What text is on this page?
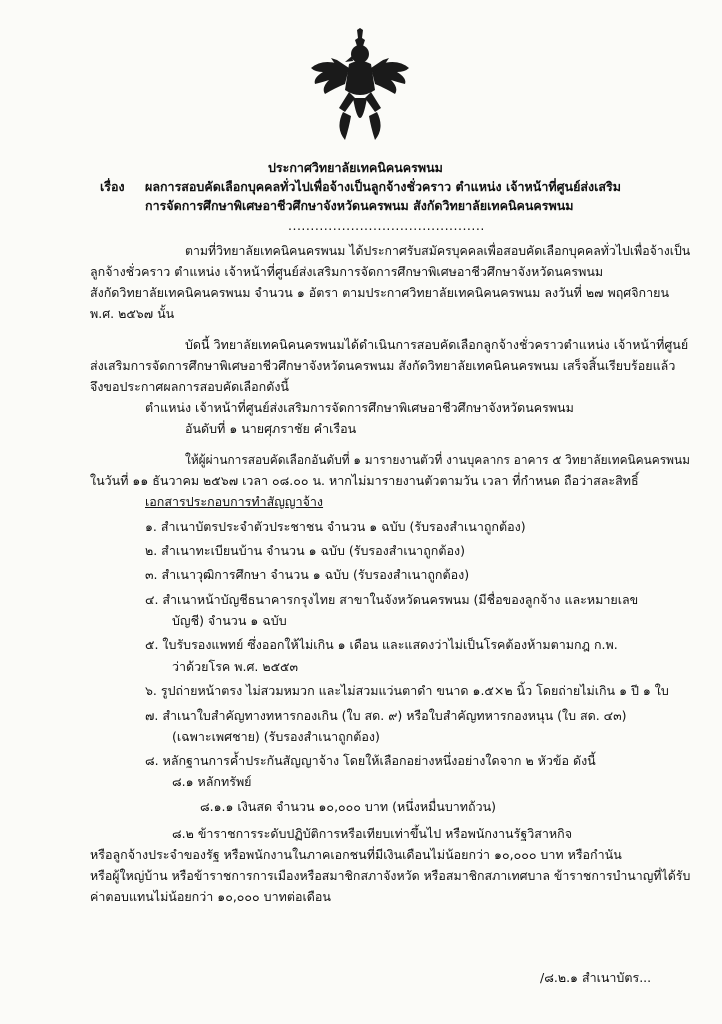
ประกาศวิทยาลัยเทคนิคนครพนม
เรื่อง ผลการสอบคัดเลือกบุคคลทั่วไปเพื่อจ้างเป็นลูกจ้างชั่วคราว ตำแหน่ง เจ้าหน้าที่ศูนย์ส่งเสริม
การจัดการศึกษาพิเศษอาชีวศึกษาจังหวัดนครพนม สังกัดวิทยาลัยเทคนิคนครพนม
............................................
ตามที่วิทยาลัยเทคนิคนครพนม ได้ประกาศรับสมัครบุคคลเพื่อสอบคัดเลือกบุคคลทั่วไปเพื่อจ้างเป็น
ลูกจ้างชั่วคราว ตำแหน่ง เจ้าหน้าที่ศูนย์ส่งเสริมการจัดการศึกษาพิเศษอาชีวศึกษาจังหวัดนครพนม
สังกัดวิทยาลัยเทคนิคนครพนม จำนวน ๑ อัตรา ตามประกาศวิทยาลัยเทคนิคนครพนม ลงวันที่ ๒๗ พฤศจิกายน
พ.ศ. ๒๕๖๗ นั้น
บัดนี้ วิทยาลัยเทคนิคนครพนมได้ดำเนินการสอบคัดเลือกลูกจ้างชั่วคราวตำแหน่ง เจ้าหน้าที่ศูนย์
ส่งเสริมการจัดการศึกษาพิเศษอาชีวศึกษาจังหวัดนครพนม สังกัดวิทยาลัยเทคนิคนครพนม เสร็จสิ้นเรียบร้อยแล้ว
จึงขอประกาศผลการสอบคัดเลือกดังนี้
ตำแหน่ง เจ้าหน้าที่ศูนย์ส่งเสริมการจัดการศึกษาพิเศษอาชีวศึกษาจังหวัดนครพนม
อันดับที่ ๑ นายศุภราชัย คำเรือน
ให้ผู้ผ่านการสอบคัดเลือกอันดับที่ ๑ มารายงานตัวที่ งานบุคลากร อาคาร ๕ วิทยาลัยเทคนิคนครพนม
ในวันที่ ๑๑ ธันวาคม ๒๕๖๗ เวลา ๐๘.๐๐ น. หากไม่มารายงานตัวตามวัน เวลา ที่กำหนด ถือว่าสละสิทธิ์
เอกสารประกอบการทำสัญญาจ้าง
๑. สำเนาบัตรประจำตัวประชาชน จำนวน ๑ ฉบับ (รับรองสำเนาถูกต้อง)
๒. สำเนาทะเบียนบ้าน จำนวน ๑ ฉบับ (รับรองสำเนาถูกต้อง)
๓. สำเนาวุฒิการศึกษา จำนวน ๑ ฉบับ (รับรองสำเนาถูกต้อง)
๔. สำเนาหน้าบัญชีธนาคารกรุงไทย สาขาในจังหวัดนครพนม (มีชื่อของลูกจ้าง และหมายเลข
บัญชี) จำนวน ๑ ฉบับ
๕. ใบรับรองแพทย์ ซึ่งออกให้ไม่เกิน ๑ เดือน และแสดงว่าไม่เป็นโรคต้องห้ามตามกฎ ก.พ.
ว่าด้วยโรค พ.ศ. ๒๕๕๓
๖. รูปถ่ายหน้าตรง ไม่สวมหมวก และไม่สวมแว่นตาดำ ขนาด ๑.๕×๒ นิ้ว โดยถ่ายไม่เกิน ๑ ปี ๑ ใบ
๗. สำเนาใบสำคัญทางทหารกองเกิน (ใบ สด. ๙) หรือใบสำคัญทหารกองหนุน (ใบ สด. ๔๓)
(เฉพาะเพศชาย) (รับรองสำเนาถูกต้อง)
๘. หลักฐานการค้ำประกันสัญญาจ้าง โดยให้เลือกอย่างหนึ่งอย่างใดจาก ๒ หัวข้อ ดังนี้
๘.๑ หลักทรัพย์
๘.๑.๑ เงินสด จำนวน ๑๐,๐๐๐ บาท (หนึ่งหมื่นบาทถ้วน)
๘.๒ ข้าราชการระดับปฏิบัติการหรือเทียบเท่าขึ้นไป หรือพนักงานรัฐวิสาหกิจ
หรือลูกจ้างประจำของรัฐ หรือพนักงานในภาคเอกชนที่มีเงินเดือนไม่น้อยกว่า ๑๐,๐๐๐ บาท หรือกำนัน
หรือผู้ใหญ่บ้าน หรือข้าราชการการเมืองหรือสมาชิกสภาจังหวัด หรือสมาชิกสภาเทศบาล ข้าราชการบำนาญที่ได้รับ
ค่าตอบแทนไม่น้อยกว่า ๑๐,๐๐๐ บาทต่อเดือน
/๘.๒.๑ สำเนาบัตร...
